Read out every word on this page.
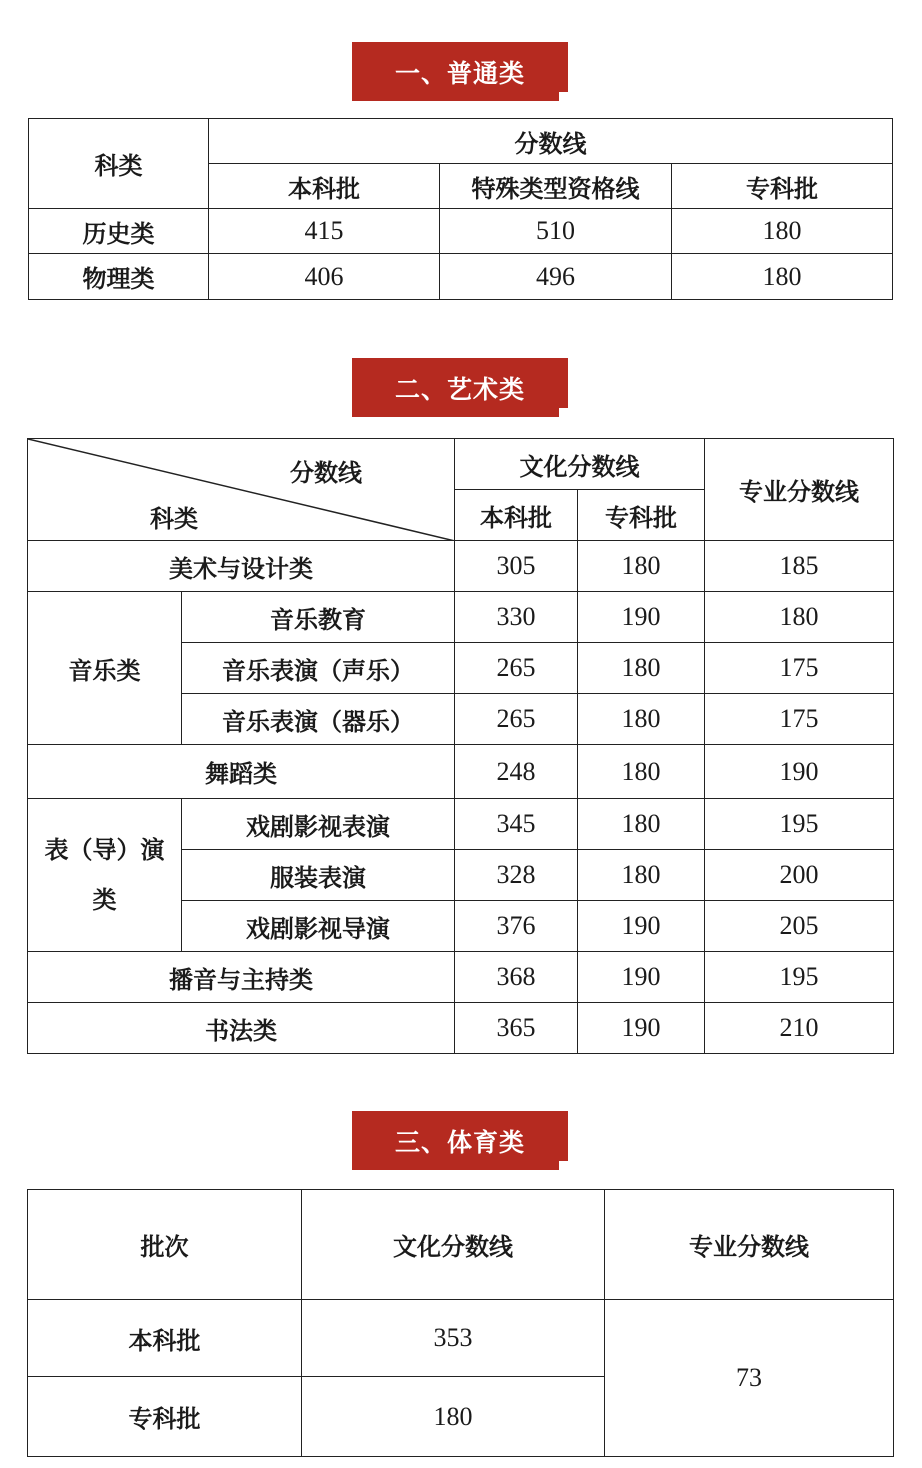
一、普通类
科类	分数线		
	本科批	特殊类型资格线	专科批
历史类	415	510	180
物理类	406	496	180
二、艺术类
分数线
科类		文化分数线		专业分数线
		本科批	专科批	
美术与设计类		305	180	185
音乐类	音乐教育	330	190	180
	音乐表演（声乐）	265	180	175
	音乐表演（器乐）	265	180	175
舞蹈类		248	180	190
表（导）演类	戏剧影视表演	345	180	195
	服装表演	328	180	200
	戏剧影视导演	376	190	205
播音与主持类		368	190	195
书法类		365	190	210
三、体育类
批次	文化分数线	专业分数线
本科批	353	73
专科批	180	
